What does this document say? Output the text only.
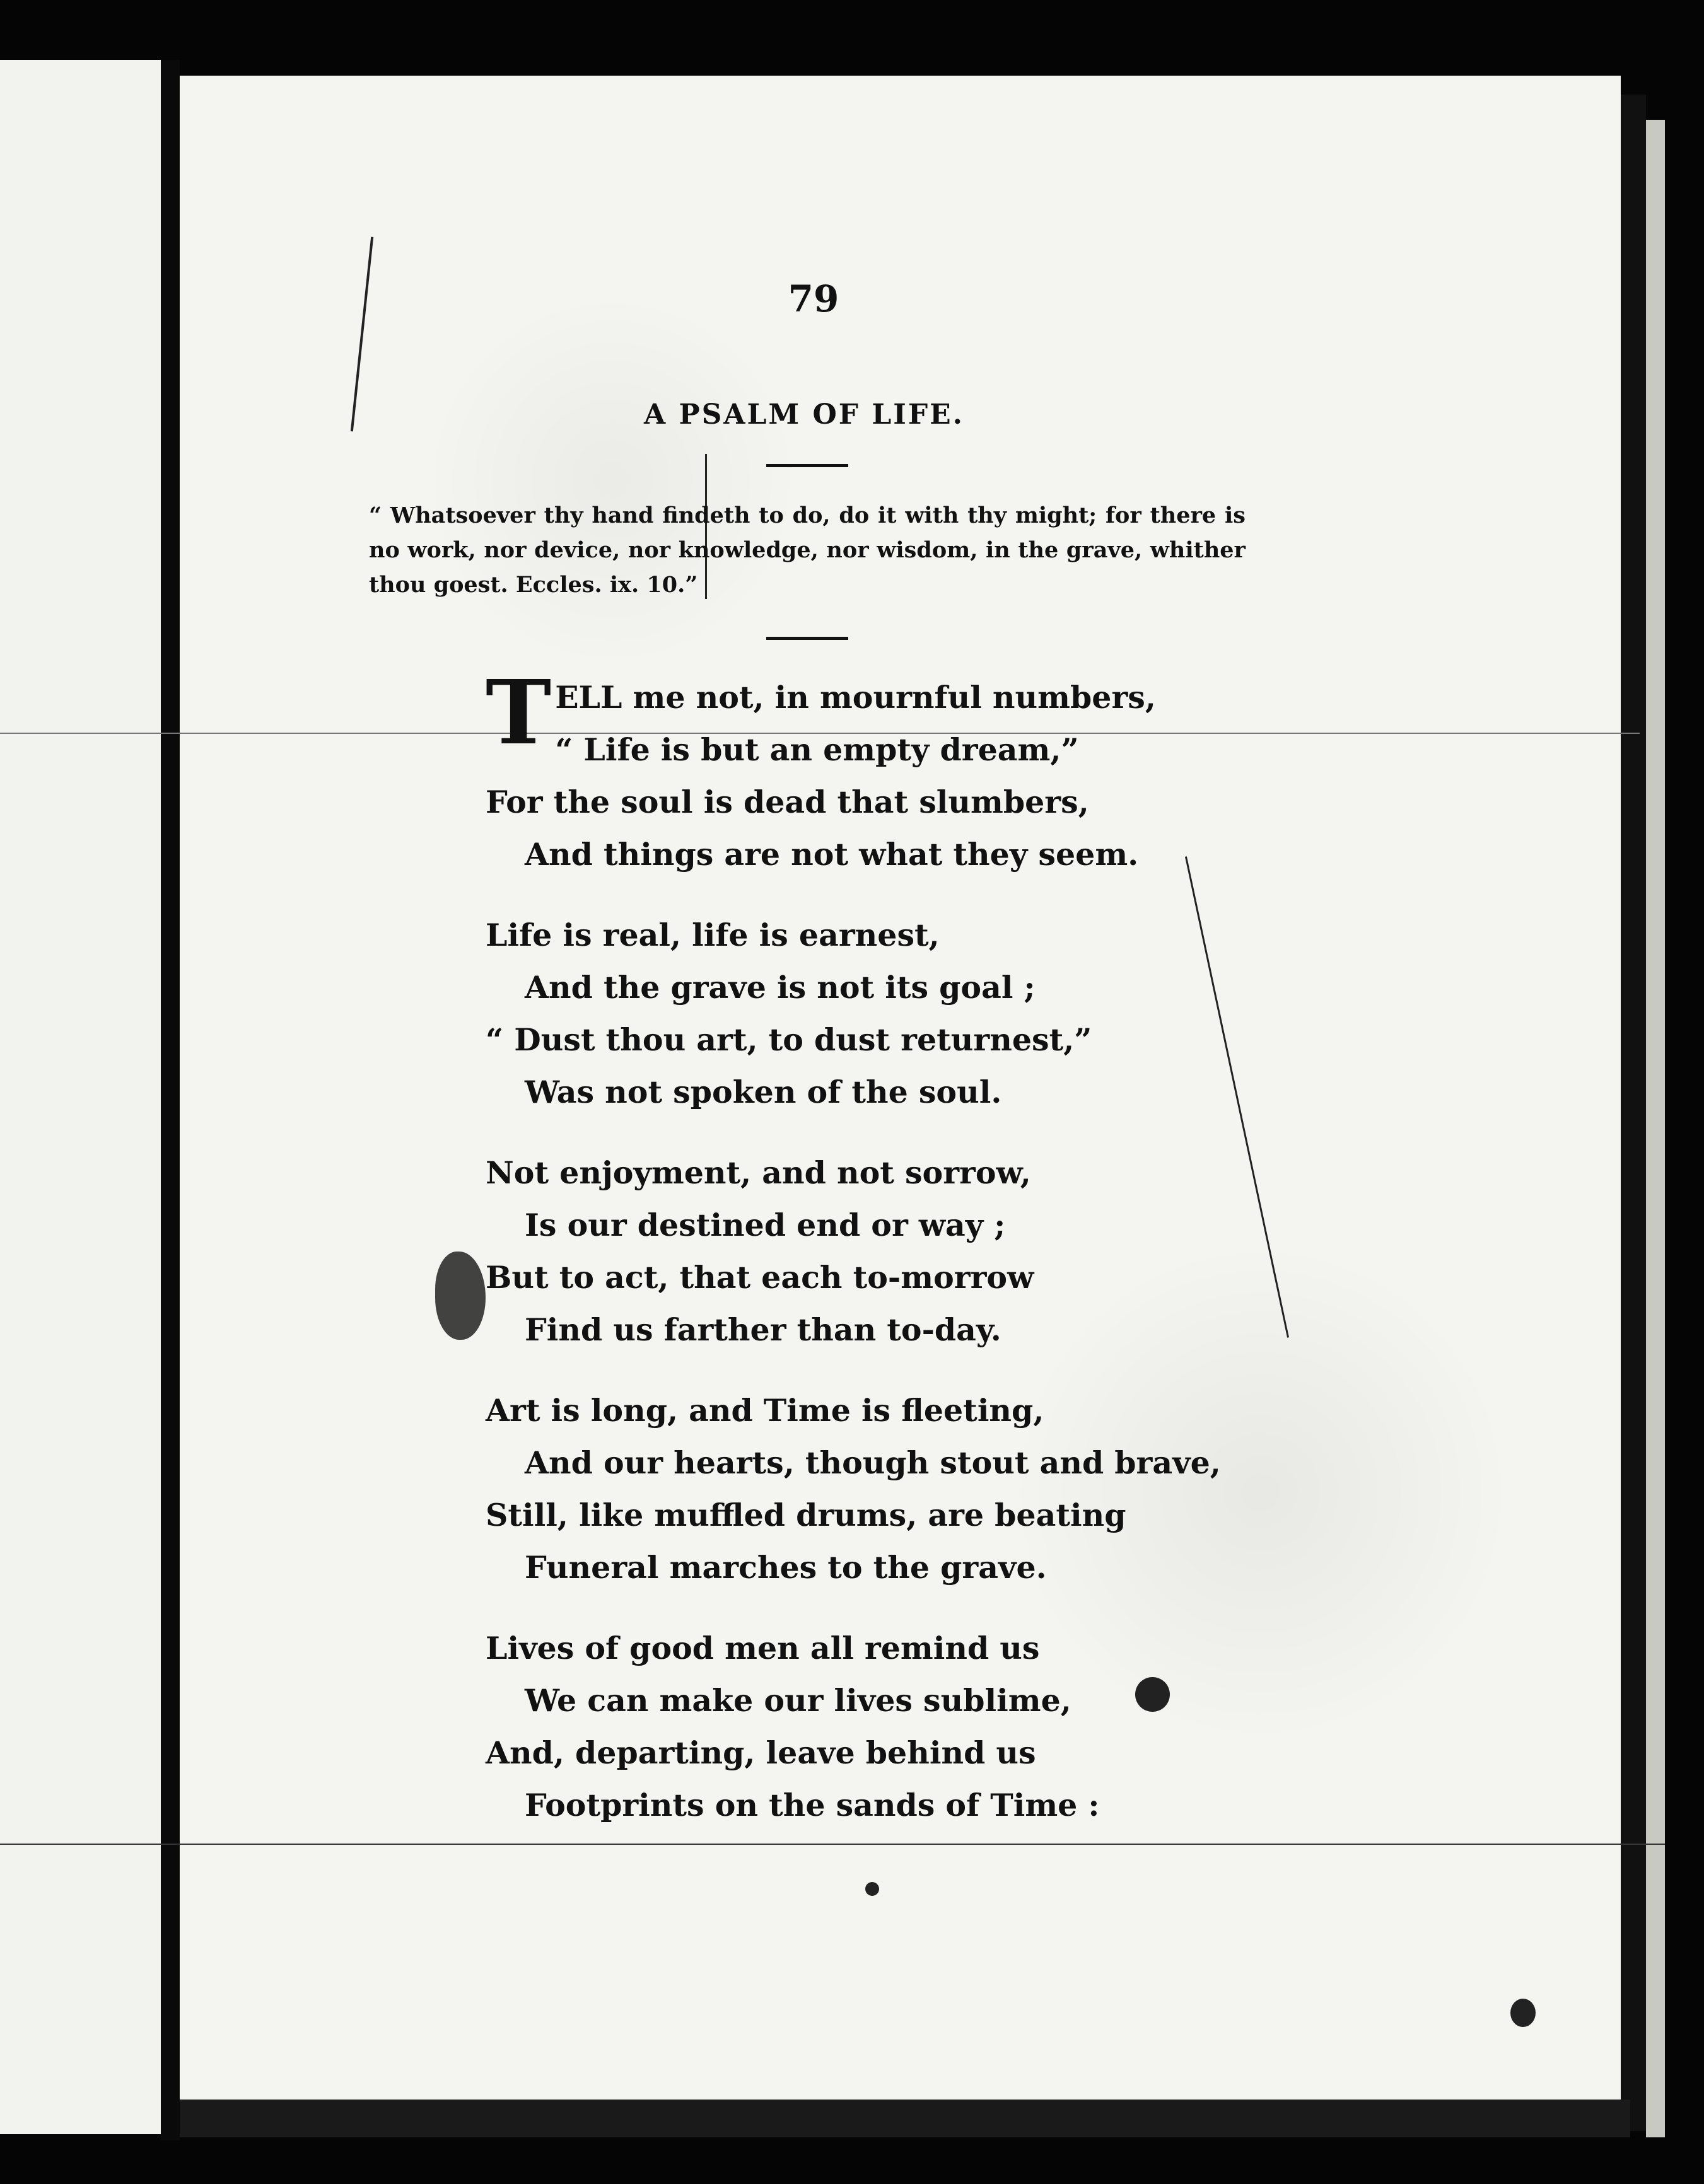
79
A PSALM OF LIFE.

“ Whatsoever thy hand findeth to do, do it with thy might; for there is no work, nor device, nor knowledge, nor wisdom, in the grave, whither thou goest. Eccles. ix. 10.”

T ELL me not, in mournful numbers,
“ Life is but an empty dream,”
For the soul is dead that slumbers,
And things are not what they seem.
Life is real, life is earnest,
And the grave is not its goal ;
“ Dust thou art, to dust returnest,”
Was not spoken of the soul.
Not enjoyment, and not sorrow,
Is our destined end or way ;
But to act, that each to-morrow
Find us farther than to-day.
Art is long, and Time is fleeting,
And our hearts, though stout and brave,
Still, like muffled drums, are beating
Funeral marches to the grave.
Lives of good men all remind us
We can make our lives sublime,
And, departing, leave behind us
Footprints on the sands of Time :
